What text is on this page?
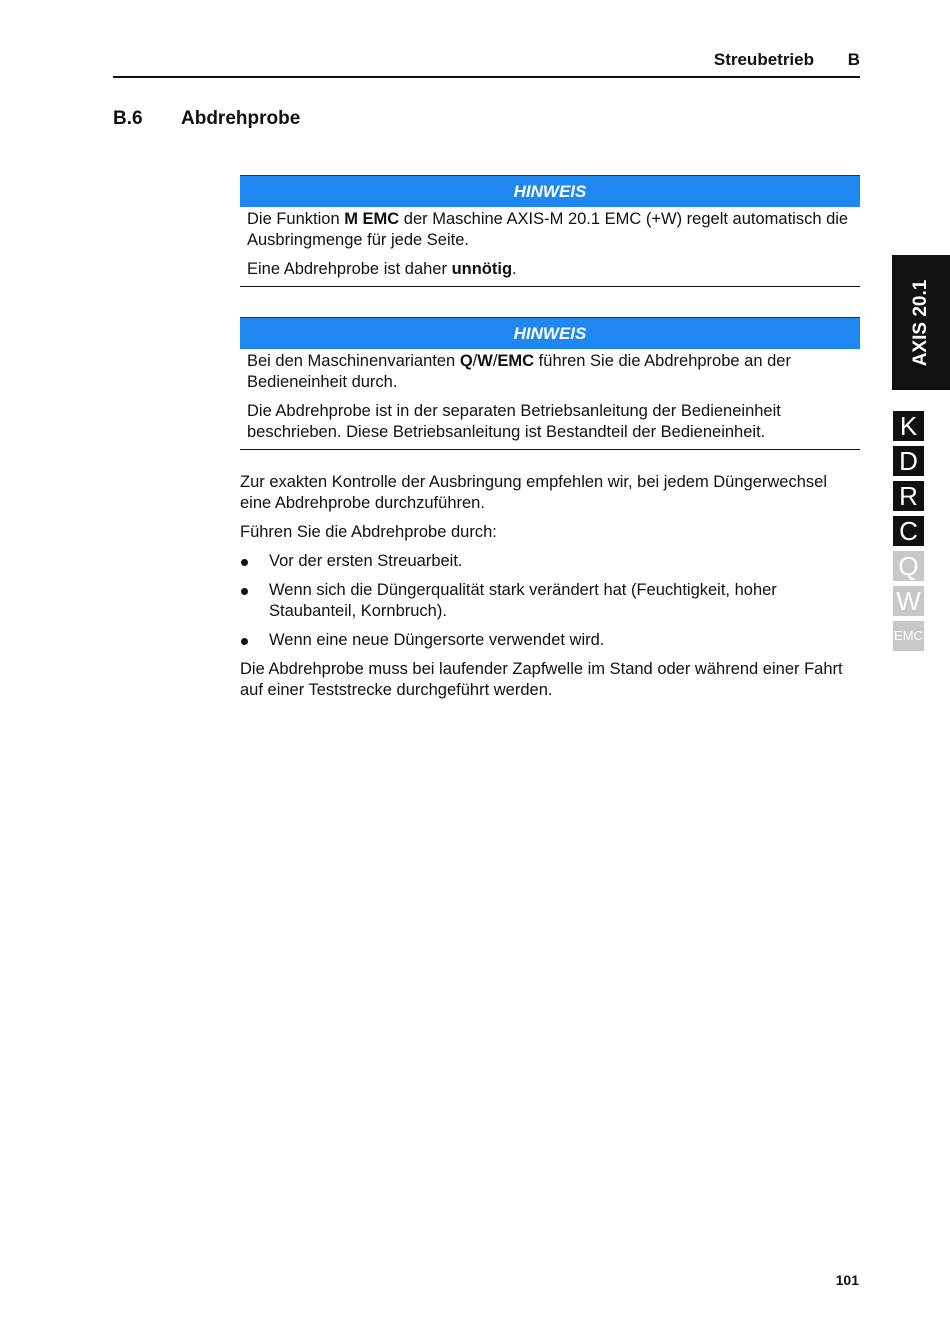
Streubetrieb B
B.6 Abdrehprobe
HINWEIS

Die Funktion M EMC der Maschine AXIS-M 20.1 EMC (+W) regelt automatisch die Ausbringmenge für jede Seite.

Eine Abdrehprobe ist daher unnötig.

HINWEIS

Bei den Maschinenvarianten Q/W/EMC führen Sie die Abdrehprobe an der Bedieneinheit durch.

Die Abdrehprobe ist in der separaten Betriebsanleitung der Bedieneinheit beschrieben. Diese Betriebsanleitung ist Bestandteil der Bedieneinheit.

Zur exakten Kontrolle der Ausbringung empfehlen wir, bei jedem Düngerwechsel eine Abdrehprobe durchzuführen.

Führen Sie die Abdrehprobe durch:

Vor der ersten Streuarbeit.
Wenn sich die Düngerqualität stark verändert hat (Feuchtigkeit, hoher Staubanteil, Kornbruch).
Wenn eine neue Düngersorte verwendet wird.

Die Abdrehprobe muss bei laufender Zapfwelle im Stand oder während einer Fahrt auf einer Teststrecke durchgeführt werden.

AXIS 20.1
K
D
R
C
Q
W
EMC
101
